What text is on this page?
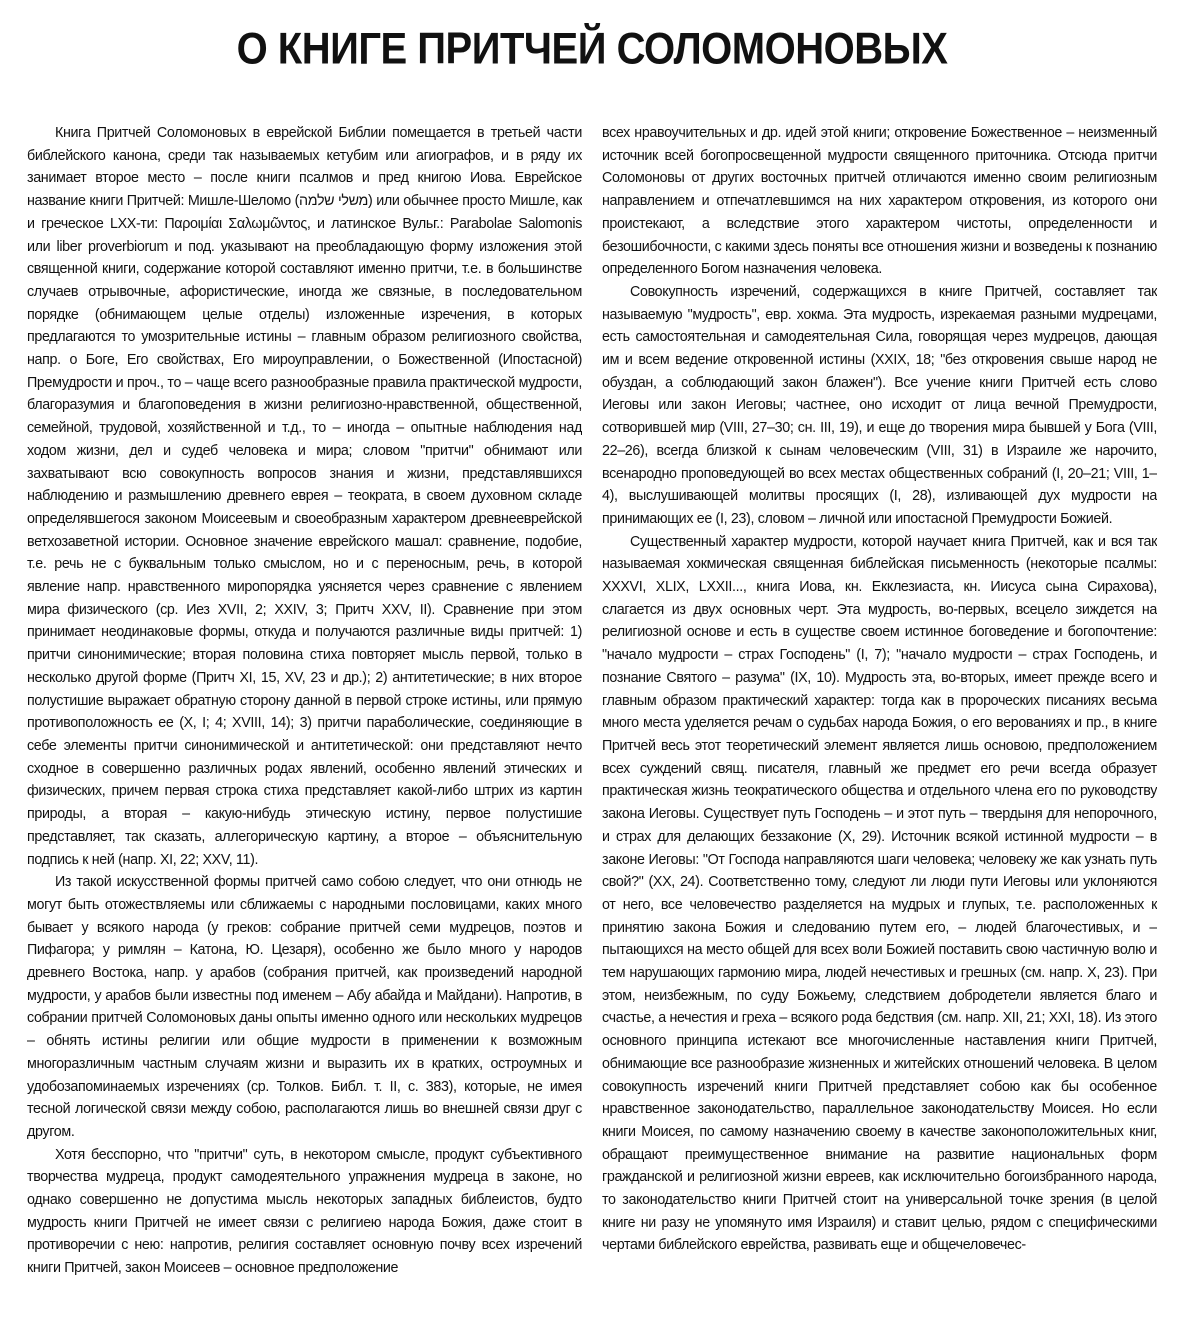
О КНИГЕ ПРИТЧЕЙ СОЛОМОНОВЫХ

Книга Притчей Соломоновых в еврейской Библии помещается в третьей части библейского канона, среди так называемых кетубим или агиографов, и в ряду их занимает второе место – после книги псалмов и пред книгою Иова. Еврейское название книги Притчей: Мишле-Шеломо (משלי שלמה) или обычнее просто Мишле, как и греческое LXX-ти: Παροιμίαι Σαλωμῶντος, и латинское Вульг.: Parabolae Salomonis или liber proverbiorum и под. указывают на преобладающую форму изложения этой священной книги, содержание которой составляют именно притчи, т.е. в большинстве случаев отрывочные, афористические, иногда же связные, в последовательном порядке (обнимающем целые отделы) изложенные изречения, в которых предлагаются то умозрительные истины – главным образом религиозного свойства, напр. о Боге, Его свойствах, Его мироуправлении, о Божественной (Ипостасной) Премудрости и проч., то – чаще всего разнообразные правила практической мудрости, благоразумия и благоповедения в жизни религиозно-нравственной, общественной, семейной, трудовой, хозяйственной и т.д., то – иногда – опытные наблюдения над ходом жизни, дел и судеб человека и мира; словом "притчи" обнимают или захватывают всю совокупность вопросов знания и жизни, представлявшихся наблюдению и размышлению древнего еврея – теократа, в своем духовном складе определявшегося законом Моисеевым и своеобразным характером древнееврейской ветхозаветной истории. Основное значение еврейского машал: сравнение, подобие, т.е. речь не с буквальным только смыслом, но и с переносным, речь, в которой явление напр. нравственного миропорядка уясняется через сравнение с явлением мира физического (ср. Иез XVII, 2; XXIV, 3; Притч XXV, II). Сравнение при этом принимает неодинаковые формы, откуда и получаются различные виды притчей: 1) притчи синонимические; вторая половина стиха повторяет мысль первой, только в несколько другой форме (Притч XI, 15, XV, 23 и др.); 2) антитетические; в них второе полустишие выражает обратную сторону данной в первой строке истины, или прямую противоположность ее (X, I; 4; XVIII, 14); 3) притчи параболические, соединяющие в себе элементы притчи синонимической и антитетической: они представляют нечто сходное в совершенно различных родах явлений, особенно явлений этических и физических, причем первая строка стиха представляет какой-либо штрих из картин природы, а вторая – какую-нибудь этическую истину, первое полустишие представляет, так сказать, аллегорическую картину, а второе – объяснительную подпись к ней (напр. XI, 22; XXV, 11).

Из такой искусственной формы притчей само собою следует, что они отнюдь не могут быть отожествляемы или сближаемы с народными пословицами, каких много бывает у всякого народа (у греков: собрание притчей семи мудрецов, поэтов и Пифагора; у римлян – Катона, Ю. Цезаря), особенно же было много у народов древнего Востока, напр. у арабов (собрания притчей, как произведений народной мудрости, у арабов были известны под именем – Абу абайда и Майдани). Напротив, в собрании притчей Соломоновых даны опыты именно одного или нескольких мудрецов – обнять истины религии или общие мудрости в применении к возможным многоразличным частным случаям жизни и выразить их в кратких, остроумных и удобозапоминаемых изречениях (ср. Толков. Библ. т. II, с. 383), которые, не имея тесной логической связи между собою, располагаются лишь во внешней связи друг с другом.

Хотя бесспорно, что "притчи" суть, в некотором смысле, продукт субъективного творчества мудреца, продукт самодеятельного упражнения мудреца в законе, но однако совершенно не допустима мысль некоторых западных библеистов, будто мудрость книги Притчей не имеет связи с религиею народа Божия, даже стоит в противоречии с нею: напротив, религия составляет основную почву всех изречений книги Притчей, закон Моисеев – основное предположение

всех нравоучительных и др. идей этой книги; откровение Божественное – неизменный источник всей богопросвещенной мудрости священного приточника. Отсюда притчи Соломоновы от других восточных притчей отличаются именно своим религиозным направлением и отпечатлевшимся на них характером откровения, из которого они проистекают, а вследствие этого характером чистоты, определенности и безошибочности, с какими здесь поняты все отношения жизни и возведены к познанию определенного Богом назначения человека.

Совокупность изречений, содержащихся в книге Притчей, составляет так называемую "мудрость", евр. хокма. Эта мудрость, изрекаемая разными мудрецами, есть самостоятельная и самодеятельная Сила, говорящая через мудрецов, дающая им и всем ведение откровенной истины (XXIX, 18; "без откровения свыше народ не обуздан, а соблюдающий закон блажен"). Все учение книги Притчей есть слово Иеговы или закон Иеговы; частнее, оно исходит от лица вечной Премудрости, сотворившей мир (VIII, 27–30; сн. III, 19), и еще до творения мира бывшей у Бога (VIII, 22–26), всегда близкой к сынам человеческим (VIII, 31) в Израиле же нарочито, всенародно проповедующей во всех местах общественных собраний (I, 20–21; VIII, 1–4), выслушивающей молитвы просящих (I, 28), изливающей дух мудрости на принимающих ее (I, 23), словом – личной или ипостасной Премудрости Божией.

Существенный характер мудрости, которой научает книга Притчей, как и вся так называемая хокмическая священная библейская письменность (некоторые псалмы: XXXVI, XLIX, LXXII..., книга Иова, кн. Екклезиаста, кн. Иисуса сына Сирахова), слагается из двух основных черт. Эта мудрость, во-первых, всецело зиждется на религиозной основе и есть в существе своем истинное боговедение и богопочтение: "начало мудрости – страх Господень" (I, 7); "начало мудрости – страх Господень, и познание Святого – разума" (IX, 10). Мудрость эта, во-вторых, имеет прежде всего и главным образом практический характер: тогда как в пророческих писаниях весьма много места уделяется речам о судьбах народа Божия, о его верованиях и пр., в книге Притчей весь этот теоретический элемент является лишь основою, предположением всех суждений свящ. писателя, главный же предмет его речи всегда образует практическая жизнь теократического общества и отдельного члена его по руководству закона Иеговы. Существует путь Господень – и этот путь – твердыня для непорочного, и страх для делающих беззаконие (X, 29). Источник всякой истинной мудрости – в законе Иеговы: "От Господа направляются шаги человека; человеку же как узнать путь свой?" (XX, 24). Соответственно тому, следуют ли люди пути Иеговы или уклоняются от него, все человечество разделяется на мудрых и глупых, т.е. расположенных к принятию закона Божия и следованию путем его, – людей благочестивых, и – пытающихся на место общей для всех воли Божией поставить свою частичную волю и тем нарушающих гармонию мира, людей нечестивых и грешных (см. напр. X, 23). При этом, неизбежным, по суду Божьему, следствием добродетели является благо и счастье, а нечестия и греха – всякого рода бедствия (см. напр. XII, 21; XXI, 18). Из этого основного принципа истекают все многочисленные наставления книги Притчей, обнимающие все разнообразие жизненных и житейских отношений человека. В целом совокупность изречений книги Притчей представляет собою как бы особенное нравственное законодательство, параллельное законодательству Моисея. Но если книги Моисея, по самому назначению своему в качестве законоположительных книг, обращают преимущественное внимание на развитие национальных форм гражданской и религиозной жизни евреев, как исключительно богоизбранного народа, то законодательство книги Притчей стоит на универсальной точке зрения (в целой книге ни разу не упомянуто имя Израиля) и ставит целью, рядом с специфическими чертами библейского еврейства, развивать еще и общечеловечес-
